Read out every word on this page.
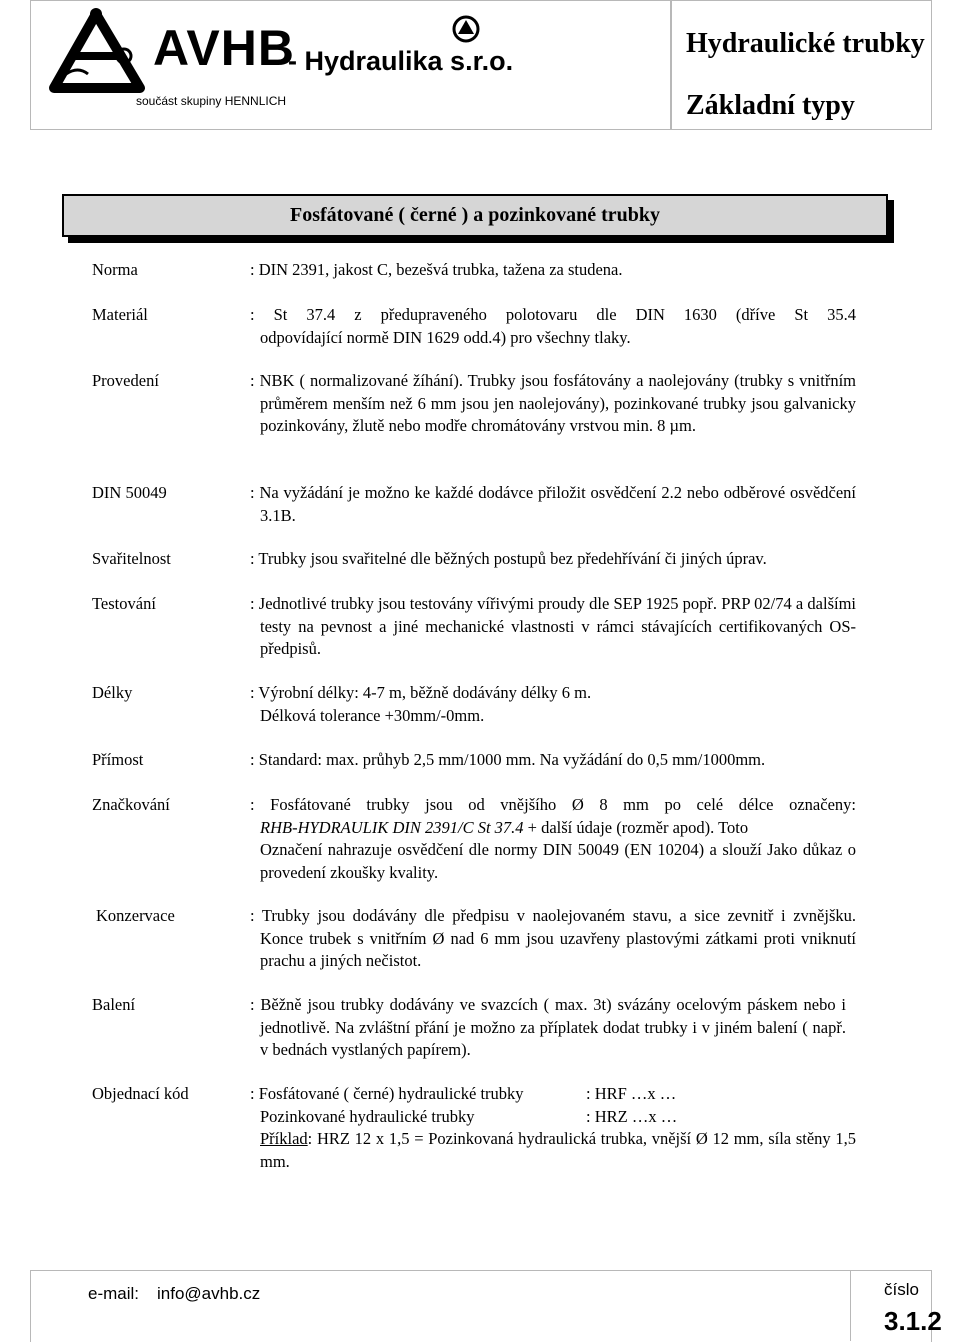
AVHB
- Hydraulika s.r.o.
součást skupiny HENNLICH
Hydraulické trubky
Základní typy
Fosfátované ( černé ) a pozinkované trubky
Norma	: DIN 2391, jakost C, bezešvá trubka, tažena za studena.
Materiál	: St 37.4 z předupraveného polotovaru dle DIN 1630 (dříve St 35.4
odpovídající normě DIN 1629 odd.4) pro všechny tlaky.
Provedení	: NBK ( normalizované žíhání). Trubky jsou fosfátovány a naolejovány (trubky s vnitřním průměrem menším než 6 mm jsou jen naolejovány), pozinkované trubky jsou galvanicky pozinkovány, žlutě nebo modře chromátovány vrstvou min. 8 µm.
DIN 50049	: Na vyžádání je možno ke každé dodávce přiložit osvědčení 2.2 nebo odběrové osvědčení 3.1B.
Svařitelnost	: Trubky jsou svařitelné dle běžných postupů bez předehřívání či jiných úprav.
Testování	: Jednotlivé trubky jsou testovány vířivými proudy dle SEP 1925 popř. PRP 02/74 a dalšími testy na pevnost a jiné mechanické vlastnosti v rámci stávajících certifikovaných OS-předpisů.
Délky	: Výrobní délky: 4-7 m, běžně dodávány délky 6 m.
Délková tolerance +30mm/-0mm.
Přímost	: Standard: max. průhyb 2,5 mm/1000 mm. Na vyžádání do 0,5 mm/1000mm.
Značkování	: Fosfátované trubky jsou od vnějšího Ø 8 mm po celé délce označeny:
RHB-HYDRAULIK DIN 2391/C St 37.4 + další údaje (rozměr apod). Toto
Označení nahrazuje osvědčení dle normy DIN 50049 (EN 10204) a slouží Jako důkaz o provedení zkoušky kvality.
Konzervace	: Trubky jsou dodávány dle předpisu v naolejovaném stavu, a sice zevnitř i zvnějšku. Konce trubek s vnitřním Ø nad 6 mm jsou uzavřeny plastovými zátkami proti vniknutí prachu a jiných nečistot.
Balení	: Běžně jsou trubky dodávány ve svazcích ( max. 3t) svázány ocelovým páskem nebo i jednotlivě. Na zvláštní přání je možno za příplatek dodat trubky i v jiném balení ( např. v bednách vystlaných papírem).
Objednací kód	: Fosfátované ( černé) hydraulické trubky	: HRF …x …
Pozinkované hydraulické trubky	: HRZ …x …
Příklad: HRZ 12 x 1,5 = Pozinkovaná hydraulická trubka, vnější Ø 12 mm, síla stěny 1,5 mm.
e-mail: info@avhb.cz	číslo
3.1.2
